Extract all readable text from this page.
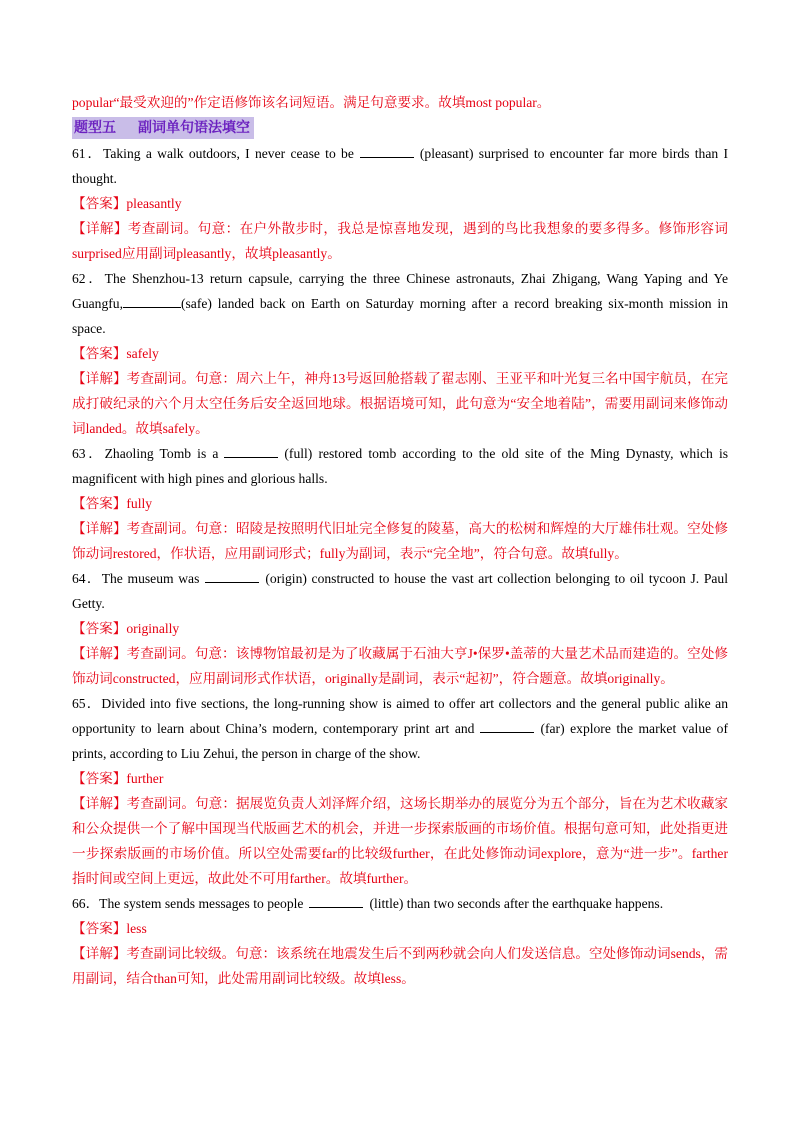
popular“最受欢迎的”作定语修饰该名词短语。满足句意要求。故填most popular。

题型五 副词单句语法填空

61．Taking a walk outdoors, I never cease to be	(pleasant) surprised to encounter far more birds than I thought.

【答案】pleasantly

【详解】考查副词。句意：在户外散步时，我总是惊喜地发现，遇到的鸟比我想象的要多得多。修饰形容词surprised应用副词pleasantly，故填pleasantly。

62．The Shenzhou-13 return capsule, carrying the three Chinese astronauts, Zhai Zhigang, Wang Yaping and Ye Guangfu,	(safe) landed back on Earth on Saturday morning after a record breaking six-month mission in space.

【答案】safely

【详解】考查副词。句意：周六上午，神舟13号返回舱搭载了翟志刚、王亚平和叶光复三名中国宇航员，在完成打破纪录的六个月太空任务后安全返回地球。根据语境可知，此句意为“安全地着陆”，需要用副词来修饰动词landed。故填safely。

63．Zhaoling Tomb is a	(full) restored tomb according to the old site of the Ming Dynasty, which is magnificent with high pines and glorious halls.

【答案】fully

【详解】考查副词。句意：昭陵是按照明代旧址完全修复的陵墓，高大的松树和辉煌的大厅雄伟壮观。空处修饰动词restored，作状语，应用副词形式；fully为副词，表示“完全地”，符合句意。故填fully。

64．The museum was	(origin) constructed to house the vast art collection belonging to oil tycoon J. Paul Getty.

【答案】originally

【详解】考查副词。句意：该博物馆最初是为了收藏属于石油大亨J•保罗•盖蒂的大量艺术品而建造的。空处修饰动词constructed，应用副词形式作状语，originally是副词，表示“起初”，符合题意。故填originally。

65．Divided into five sections, the long-running show is aimed to offer art collectors and the general public alike an opportunity to learn about China’s modern, contemporary print art and	(far) explore the market value of prints, according to Liu Zehui, the person in charge of the show.

【答案】further

【详解】考查副词。句意：据展览负责人刘泽辉介绍，这场长期举办的展览分为五个部分，旨在为艺术收藏家和公众提供一个了解中国现当代版画艺术的机会，并进一步探索版画的市场价值。根据句意可知，此处指更进一步探索版画的市场价值。所以空处需要far的比较级further，在此处修饰动词explore，意为“进一步”。farther指时间或空间上更远，故此处不可用farther。故填further。

66．The system sends messages to people	(little) than two seconds after the earthquake happens.

【答案】less

【详解】考查副词比较级。句意：该系统在地震发生后不到两秒就会向人们发送信息。空处修饰动词sends，需用副词，结合than可知，此处需用副词比较级。故填less。
